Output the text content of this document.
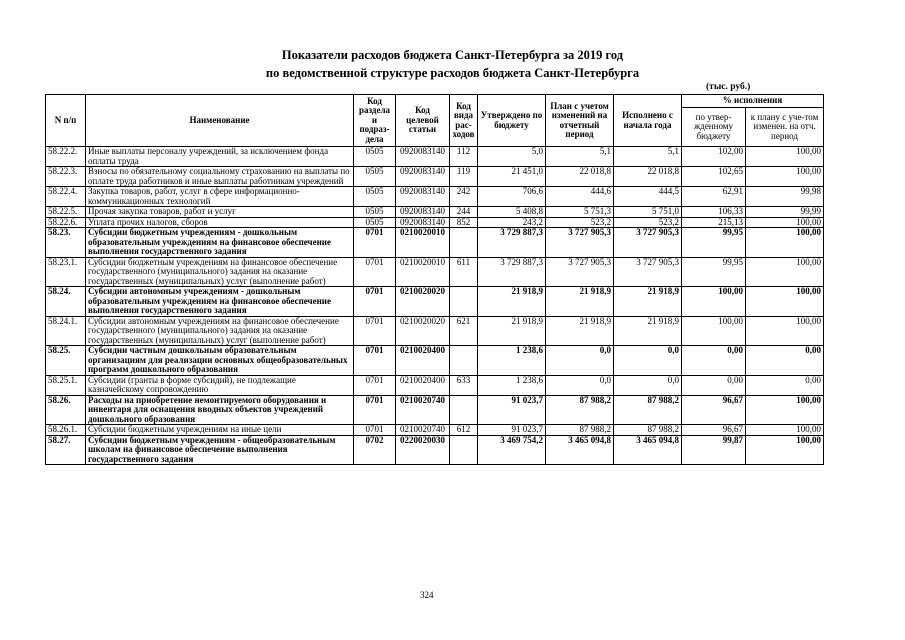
Показатели расходов бюджета Санкт-Петербурга за 2019 год
по ведомственной структуре расходов бюджета Санкт-Петербурга
(тыс. руб.)
N п/п	Наименование	Код раздела и подраз-дела	Код целевой статьи	Код вида рас-ходов	Утверждено по бюджету	План с учетом изменений на отчетный период	Исполнено с начала года	% исполнения	
								по утвер-жденному бюджету	к плану с уче-том изменен. на отч. период
58.22.2.	Иные выплаты персоналу учреждений, за исключением фонда оплаты труда	0505	0920083140	112	5,0	5,1	5,1	102,00	100,00
58.22.3.	Взносы по обязательному социальному страхованию на выплаты по оплате труда работников и иные выплаты работникам учреждений	0505	0920083140	119	21 451,0	22 018,8	22 018,8	102,65	100,00
58.22.4.	Закупка товаров, работ, услуг в сфере информационно-коммуникационных технологий	0505	0920083140	242	706,6	444,6	444,5	62,91	99,98
58.22.5.	Прочая закупка товаров, работ и услуг	0505	0920083140	244	5 408,8	5 751,3	5 751,0	106,33	99,99
58.22.6.	Уплата прочих налогов, сборов	0505	0920083140	852	243,2	523,2	523,2	215,13	100,00
58.23.	Субсидии бюджетным учреждениям - дошкольным образовательным учреждениям на финансовое обеспечение выполнения государственного задания	0701	0210020010		3 729 887,3	3 727 905,3	3 727 905,3	99,95	100,00
58.23.1.	Субсидии бюджетным учреждениям на финансовое обеспечение государственного (муниципального) задания на оказание государственных (муниципальных) услуг (выполнение работ)	0701	0210020010	611	3 729 887,3	3 727 905,3	3 727 905,3	99,95	100,00
58.24.	Субсидии автономным учреждениям - дошкольным образовательным учреждениям на финансовое обеспечение выполнения государственного задания	0701	0210020020		21 918,9	21 918,9	21 918,9	100,00	100,00
58.24.1.	Субсидии автономным учреждениям на финансовое обеспечение государственного (муниципального) задания на оказание государственных (муниципальных) услуг (выполнение работ)	0701	0210020020	621	21 918,9	21 918,9	21 918,9	100,00	100,00
58.25.	Субсидии частным дошкольным образовательным организациям для реализации основных общеобразовательных программ дошкольного образования	0701	0210020400		1 238,6	0,0	0,0	0,00	0,00
58.25.1.	Субсидии (гранты в форме субсидий), не подлежащие казначейскому сопровождению	0701	0210020400	633	1 238,6	0,0	0,0	0,00	0,00
58.26.	Расходы на приобретение немонтируемого оборудования и инвентаря для оснащения вводных объектов учреждений дошкольного образования	0701	0210020740		91 023,7	87 988,2	87 988,2	96,67	100,00
58.26.1.	Субсидии бюджетным учреждениям на иные цели	0701	0210020740	612	91 023,7	87 988,2	87 988,2	96,67	100,00
58.27.	Субсидии бюджетным учреждениям - общеобразовательным школам на финансовое обеспечение выполнения государственного задания	0702	0220020030		3 469 754,2	3 465 094,8	3 465 094,8	99,87	100,00
324
